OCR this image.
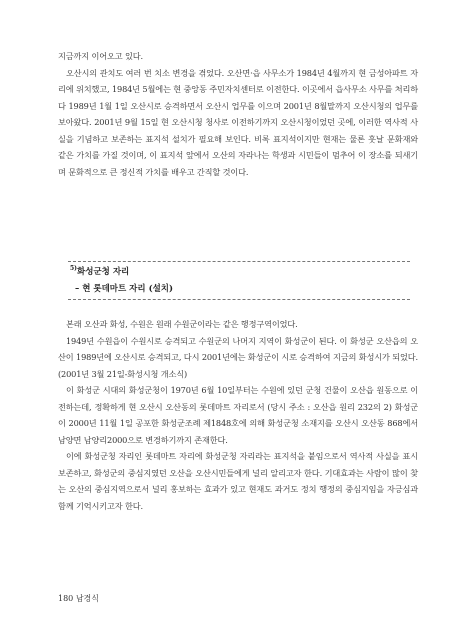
지금까지 이어오고 있다.

오산시의 관치도 여러 번 치소 변경을 겪었다. 오산면·읍 사무소가 1984년 4월까지 현 금성아파트 자리에 위치했고, 1984년 5월에는 현 중앙동 주민자치센터로 이전한다. 이곳에서 읍사무소 사무를 처리하다 1989년 1월 1일 오산시로 승격하면서 오산시 업무를 이으며 2001년 8월말까지 오산시청의 업무를 보아왔다. 2001년 9월 15일 현 오산시청 청사로 이전하기까지 오산시청이었던 곳에, 이러한 역사적 사실을 기념하고 보존하는 표지석 설치가 필요해 보인다. 비록 표지석이지만 현재는 물론 훗날 문화재와 같은 가치를 가질 것이며, 이 표지석 앞에서 오산의 자라나는 학생과 시민들이 멈추어 이 장소를 되새기며 문화적으로 큰 정신적 가치를 배우고 간직할 것이다.

$^{5)}$화성군청 자리
– 현 롯데마트 자리 (설치)

본래 오산과 화성, 수원은 원래 수원군이라는 같은 행정구역이었다.

1949년 수원읍이 수원시로 승격되고 수원군의 나머지 지역이 화성군이 된다. 이 화성군 오산읍의 오산이 1989년에 오산시로 승격되고, 다시 2001년에는 화성군이 시로 승격하여 지금의 화성시가 되었다.(2001년 3월 21일-화성시청 개소식)

이 화성군 시대의 화성군청이 1970년 6월 10일부터는 수원에 있던 군청 건물이 오산읍 원동으로 이전하는데, 정확하게 현 오산시 오산동의 롯데마트 자리로서 (당시 주소 : 오산읍 원리 232의 2) 화성군이 2000년 11월 1일 공포한 화성군조례 제1848호에 의해 화성군청 소재지를 오산시 오산동 868에서 남양면 남양리2000으로 변경하기까지 존재한다.

이에 화성군청 자리인 롯데마트 자리에 화성군청 자리라는 표지석을 붙임으로서 역사적 사실을 표시 보존하고, 화성군의 중심지였던 오산을 오산시민들에게 널리 알리고자 한다. 기대효과는 사람이 많이 찾는 오산의 중심지역으로서 널리 홍보하는 효과가 있고 현재도 과거도 정치 행정의 중심지임을 자긍심과 함께 기억시키고자 한다.

180 남경식
